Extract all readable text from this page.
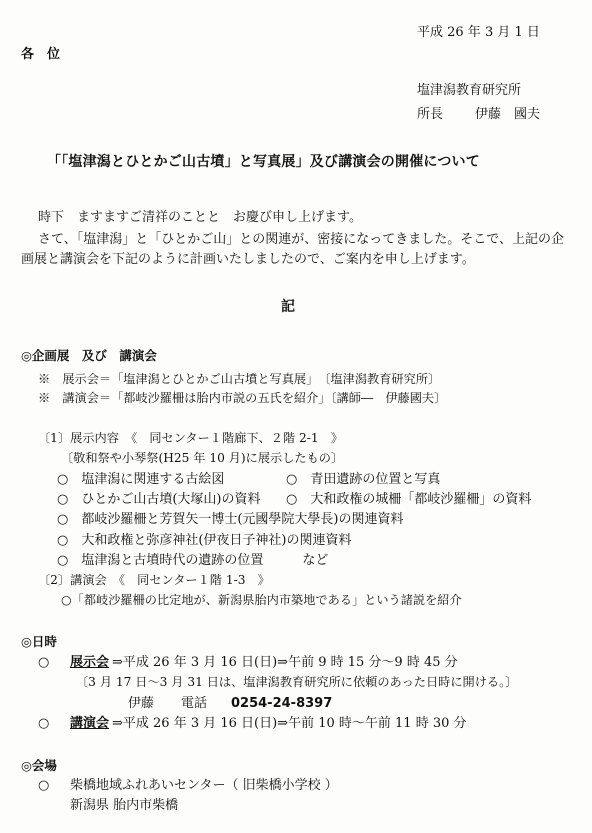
平成 26 年 3 月 1 日
各　位
塩津潟教育研究所
所長 伊藤　國夫
「「塩津潟とひとかご山古墳」と写真展」及び講演会の開催について
時下　ますますご清祥のことと　お慶び申し上げます。
さて、「塩津潟」と「ひとかご山」との関連が、密接になってきました。そこで、上記の企
画展と講演会を下記のように計画いたしましたので、ご案内を申し上げます。
記
◎企画展　及び　講演会
※　展示会＝「塩津潟とひとかご山古墳と写真展」　〔塩津潟教育研究所〕
※　講演会＝「都岐沙羅柵は胎内市説の五氏を紹介」〔講師―　伊藤國夫〕
〔1〕展示内容　《　同センター１階廊下、２階 2-1　》
〔敬和祭や小琴祭(H25 年 10 月)に展示したもの〕
○　塩津潟に関連する古絵図	○　青田遺跡の位置と写真
○　ひとかご山古墳(大塚山)の資料 ○　大和政権の城柵「都岐沙羅柵」の資料
○　都岐沙羅柵と芳賀矢一博士(元國學院大學長)の関連資料
○　大和政権と弥彦神社(伊夜日子神社)の関連資料
○　塩津潟と古墳時代の遺跡の位置　　　など
〔2〕講演会　《　同センター１階 1-3　》
○「都岐沙羅柵の比定地が、新潟県胎内市築地である」という諸説を紹介
◎日時
○ 展示会 ⇒平成 26 年 3 月 16 日(日)⇒午前 9 時 15 分〜9 時 45 分
〔3 月 17 日〜3 月 31 日は、塩津潟教育研究所に依頼のあった日時に開ける。〕
伊藤 電話 0254-24-8397
○ 講演会 ⇒平成 26 年 3 月 16 日(日)⇒午前 10 時〜午前 11 時 30 分
◎会場
○ 柴橋地域ふれあいセンター（ 旧柴橋小学校 ）
新潟県 胎内市柴橋
